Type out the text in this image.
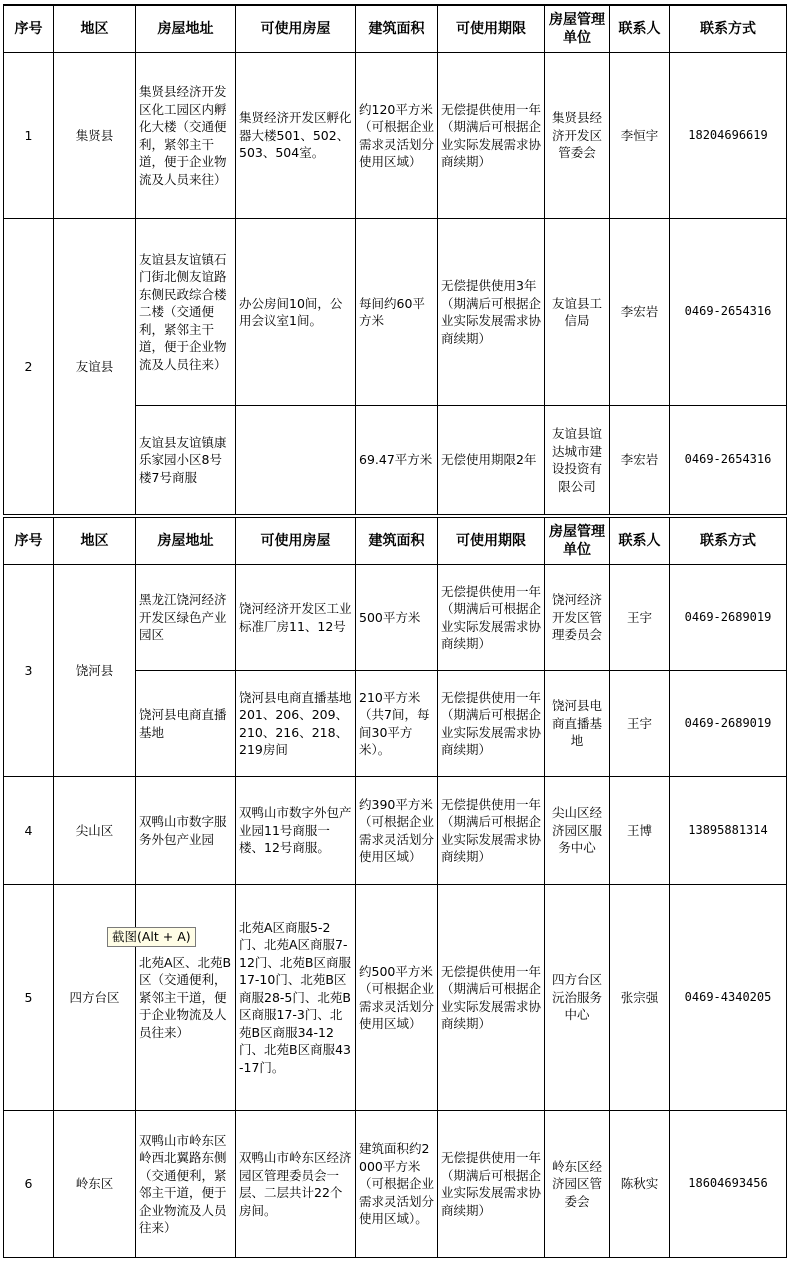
序号	地区	房屋地址	可使用房屋	建筑面积	可使用期限	房屋管理单位	联系人	联系方式
1	集贤县	集贤县经济开发区化工园区内孵化大楼（交通便利，紧邻主干道，便于企业物流及人员来往）	集贤经济开发区孵化器大楼501、502、503、504室。	约120平方米（可根据企业需求灵活划分使用区域）	无偿提供使用一年（期满后可根据企业实际发展需求协商续期）	集贤县经济开发区管委会	李恒宇	18204696619
2	友谊县	友谊县友谊镇石门街北侧友谊路东侧民政综合楼二楼（交通便利，紧邻主干道，便于企业物流及人员往来）	办公房间10间，公用会议室1间。	每间约60平方米	无偿提供使用3年（期满后可根据企业实际发展需求协商续期）	友谊县工信局	李宏岩	0469-2654316
		友谊县友谊镇康乐家园小区8号楼7号商服		69.47平方米	无偿使用期限2年	友谊县谊达城市建设投资有限公司	李宏岩	0469-2654316
序号	地区	房屋地址	可使用房屋	建筑面积	可使用期限	房屋管理单位	联系人	联系方式
3	饶河县	黑龙江饶河经济开发区绿色产业园区	饶河经济开发区工业标准厂房11、12号	500平方米	无偿提供使用一年（期满后可根据企业实际发展需求协商续期）	饶河经济开发区管理委员会	王宇	0469-2689019
		饶河县电商直播基地	饶河县电商直播基地201、206、209、210、216、218、219房间	210平方米（共7间，每间30平方米）。	无偿提供使用一年（期满后可根据企业实际发展需求协商续期）	饶河县电商直播基地	王宇	0469-2689019
4	尖山区	双鸭山市数字服务外包产业园	双鸭山市数字外包产业园11号商服一楼、12号商服。	约390平方米（可根据企业需求灵活划分使用区域）	无偿提供使用一年（期满后可根据企业实际发展需求协商续期）	尖山区经济园区服务中心	王博	13895881314
5	四方台区	北苑A区、北苑B区（交通便利，紧邻主干道，便于企业物流及人员往来）	北苑A区商服5-2门、北苑A区商服7-12门、北苑B区商服17-10门、北苑B区商服28-5门、北苑B区商服17-3门、北苑B区商服34-12门、北苑B区商服43-17门。	约500平方米（可根据企业需求灵活划分使用区域）	无偿提供使用一年（期满后可根据企业实际发展需求协商续期）	四方台区沅治服务中心	张宗强	0469-4340205
6	岭东区	双鸭山市岭东区岭西北翼路东侧（交通便利，紧邻主干道，便于企业物流及人员往来）	双鸭山市岭东区经济园区管理委员会一层、二层共计22个房间。	建筑面积约2000平方米（可根据企业需求灵活划分使用区域）。	无偿提供使用一年（期满后可根据企业实际发展需求协商续期）	岭东区经济园区管委会	陈秋实	18604693456
截图(Alt + A)
